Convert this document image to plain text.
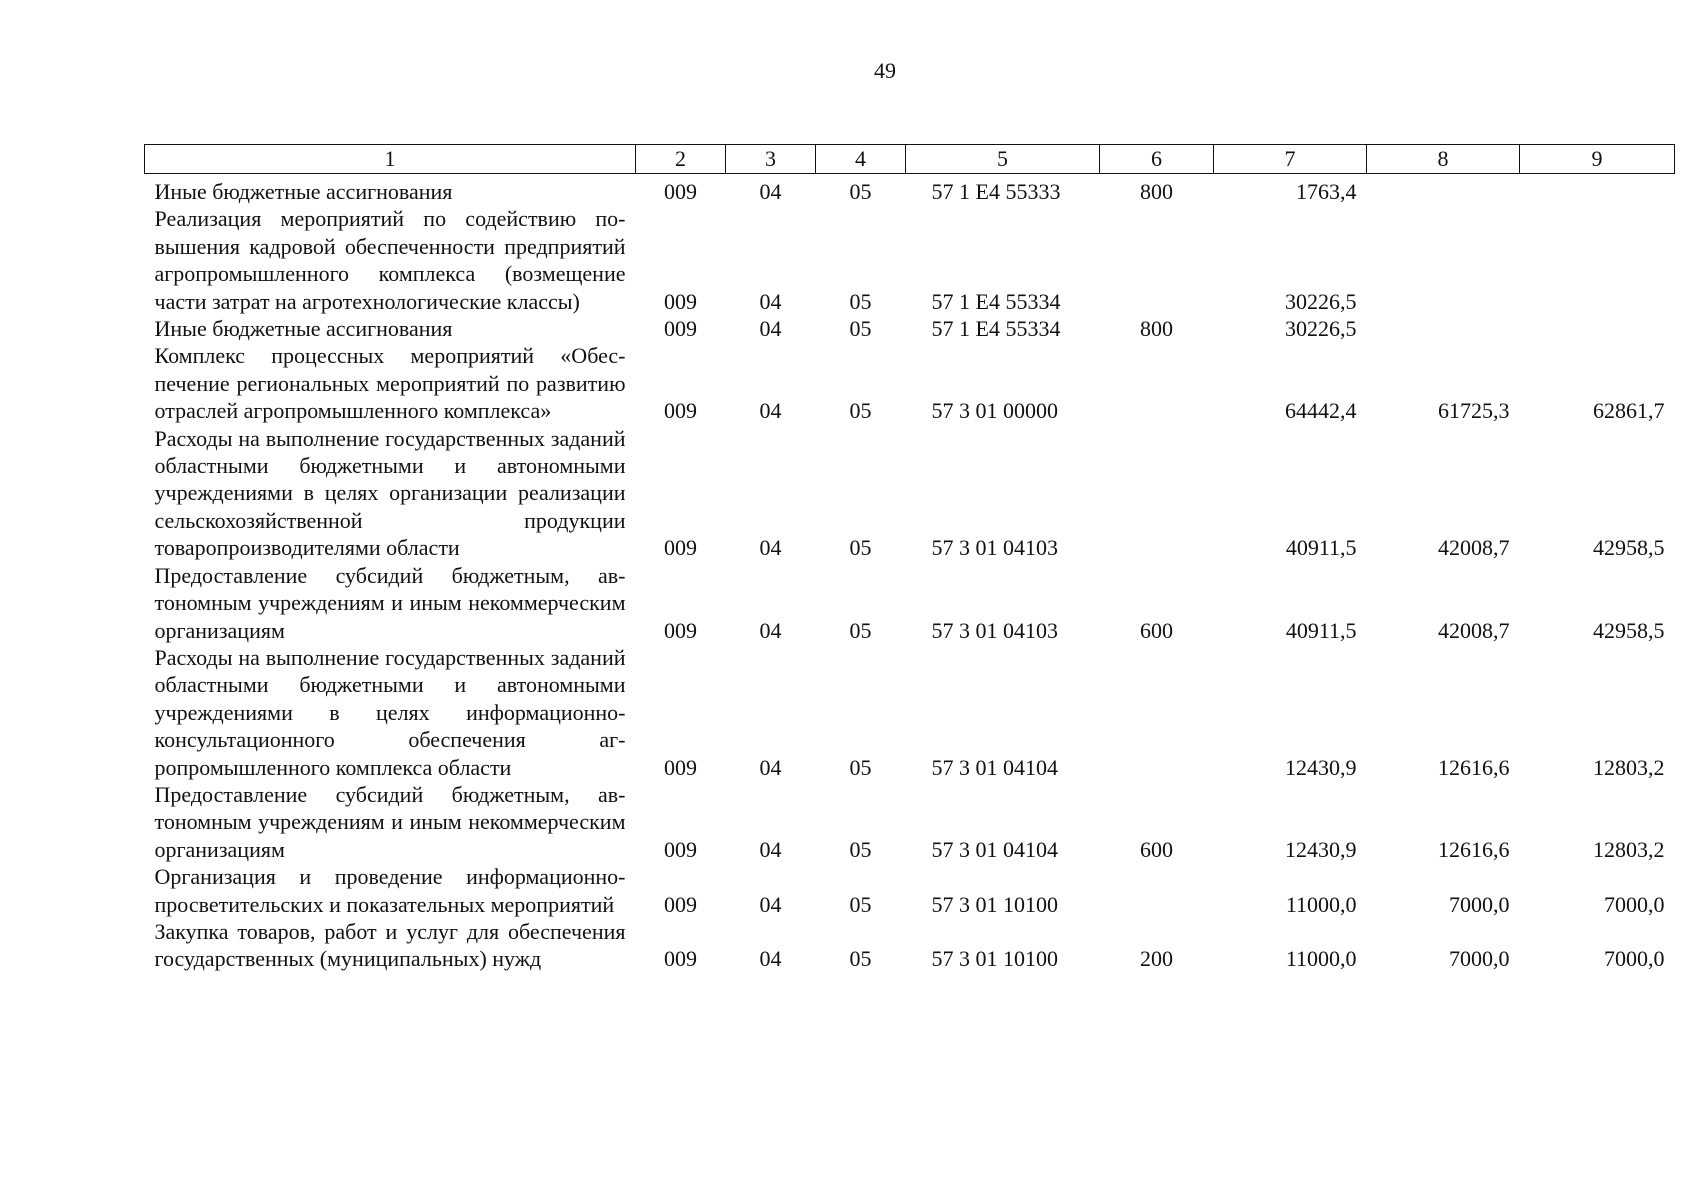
49
1	2	3	4	5	6	7	8	9
Иные бюджетные ассигнования	009	04	05	57 1 E4 55333	800	1763,4		
Реализация мероприятий по содействию повышения кадровой обеспеченности предприятий агропромышленного комплекса (возмещение части затрат на агротехнологические классы)	009	04	05	57 1 E4 55334		30226,5		
Иные бюджетные ассигнования	009	04	05	57 1 E4 55334	800	30226,5		
Комплекс процессных мероприятий «Обеспечение региональных мероприятий по развитию отраслей агропромышленного комплекса»	009	04	05	57 3 01 00000		64442,4	61725,3	62861,7
Расходы на выполнение государственных заданий областными бюджетными и автономными учреждениями в целях организации реализации сельскохозяйственной продукции товаропроизводителями области	009	04	05	57 3 01 04103		40911,5	42008,7	42958,5
Предоставление субсидий бюджетным, автономным учреждениям и иным некоммерческим организациям	009	04	05	57 3 01 04103	600	40911,5	42008,7	42958,5
Расходы на выполнение государственных заданий областными бюджетными и автономными учреждениями в целях информационно-консультационного обеспечения агропромышленного комплекса области	009	04	05	57 3 01 04104		12430,9	12616,6	12803,2
Предоставление субсидий бюджетным, автономным учреждениям и иным некоммерческим организациям	009	04	05	57 3 01 04104	600	12430,9	12616,6	12803,2
Организация и проведение информационно-просветительских и показательных мероприятий	009	04	05	57 3 01 10100		11000,0	7000,0	7000,0
Закупка товаров, работ и услуг для обеспечения государственных (муниципальных) нужд	009	04	05	57 3 01 10100	200	11000,0	7000,0	7000,0
